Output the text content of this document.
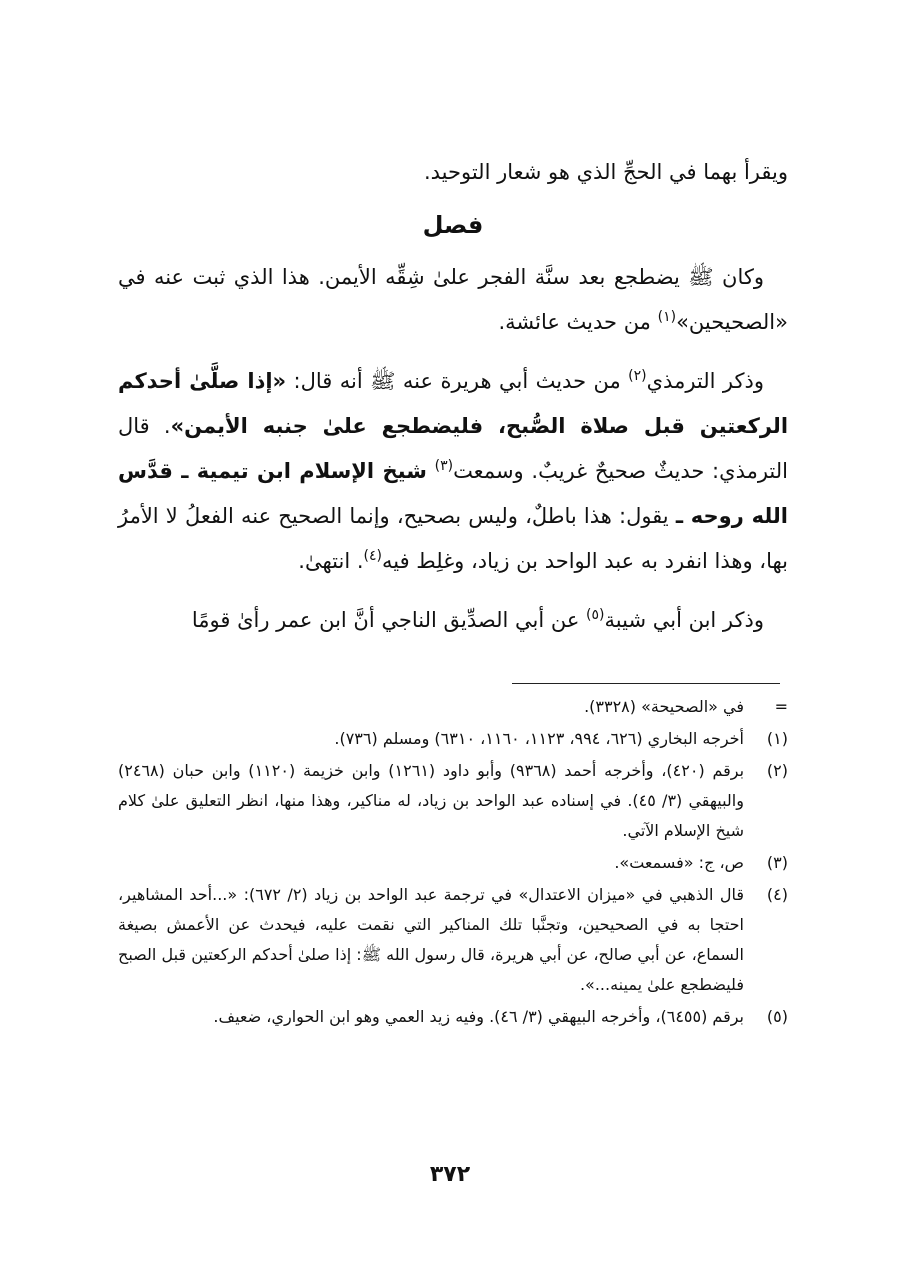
ويقرأ بهما في الحجِّ الذي هو شعار التوحيد.

فصل

وكان ﷺ يضطجع بعد سنَّة الفجر علىٰ شِقِّه الأيمن. هذا الذي ثبت عنه في «الصحيحين»$^{(١)}$ من حديث عائشة.

وذكر الترمذي$^{(٢)}$ من حديث أبي هريرة عنه ﷺ أنه قال: «إذا صلَّىٰ أحدكم الركعتين قبل صلاة الصُّبح، فليضطجع علىٰ جنبه الأيمن». قال الترمذي: حديثٌ صحيحٌ غريبٌ. وسمعت$^{(٣)}$ شيخ الإسلام ابن تيمية ـ قدَّس الله روحه ـ يقول: هذا باطلٌ، وليس بصحيح، وإنما الصحيح عنه الفعلُ لا الأمرُ بها، وهذا انفرد به عبد الواحد بن زياد، وغلِط فيه$^{(٤)}$. انتهىٰ.

وذكر ابن أبي شيبة$^{(٥)}$ عن أبي الصدِّيق الناجي أنَّ ابن عمر رأىٰ قومًا

=
في «الصحيحة» (٣٣٢٨).
(١)
أخرجه البخاري (٦٢٦، ٩٩٤، ١١٢٣، ١١٦٠، ٦٣١٠) ومسلم (٧٣٦).
(٢)
برقم (٤٢٠)، وأخرجه أحمد (٩٣٦٨) وأبو داود (١٢٦١) وابن خزيمة (١١٢٠) وابن حبان (٢٤٦٨) والبيهقي (٣/ ٤٥). في إسناده عبد الواحد بن زياد، له مناكير، وهذا منها، انظر التعليق علىٰ كلام شيخ الإسلام الآتي.
(٣)
ص، ج: «فسمعت».
(٤)
قال الذهبي في «ميزان الاعتدال» في ترجمة عبد الواحد بن زياد (٢/ ٦٧٢): «...أحد المشاهير، احتجا به في الصحيحين، وتجنَّبا تلك المناكير التي نقمت عليه، فيحدث عن الأعمش بصيغة السماع، عن أبي صالح، عن أبي هريرة، قال رسول الله ﷺ: إذا صلىٰ أحدكم الركعتين قبل الصبح فليضطجع علىٰ يمينه...».
(٥)
برقم (٦٤٥٥)، وأخرجه البيهقي (٣/ ٤٦). وفيه زيد العمي وهو ابن الحواري، ضعيف.
٣٧٢
